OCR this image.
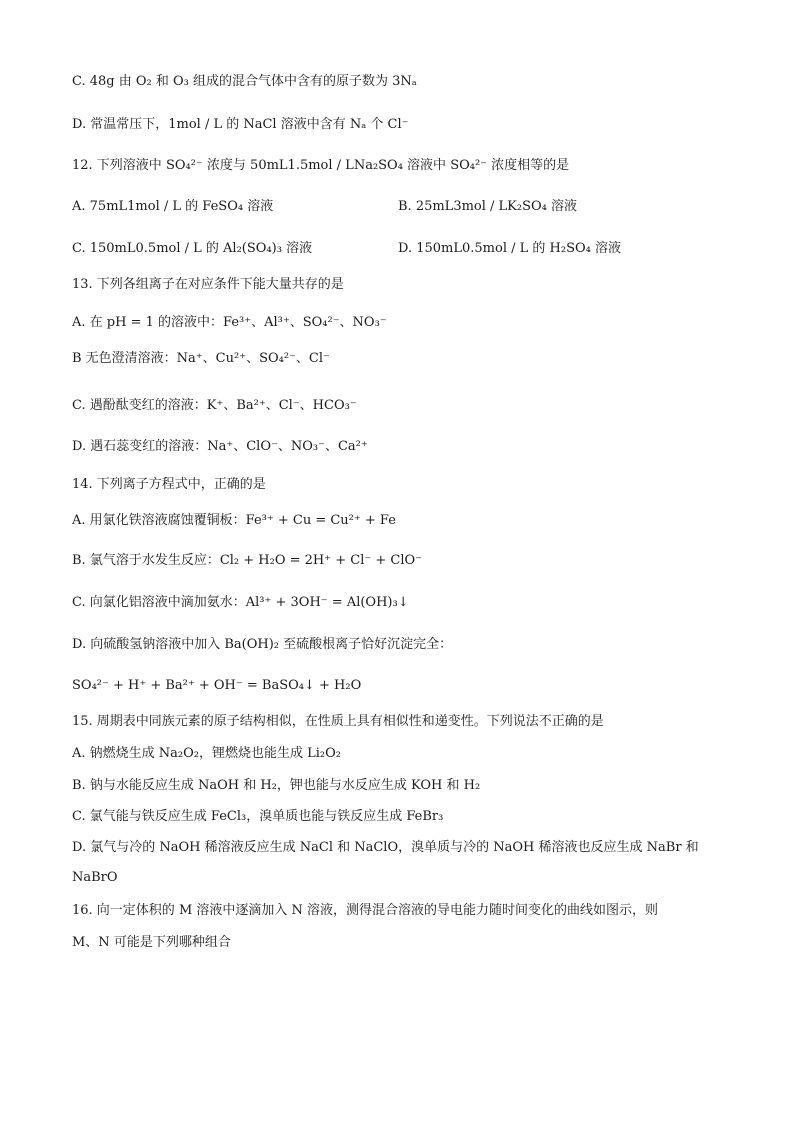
C. 48g 由 O₂ 和 O₃ 组成的混合气体中含有的原子数为 3Nₐ
D. 常温常压下，1mol / L 的 NaCl 溶液中含有 Nₐ 个 Cl⁻
12. 下列溶液中 SO₄²⁻ 浓度与 50mL1.5mol / LNa₂SO₄ 溶液中 SO₄²⁻ 浓度相等的是
A. 75mL1mol / L 的 FeSO₄ 溶液	B. 25mL3mol / LK₂SO₄ 溶液
C. 150mL0.5mol / L 的 Al₂(SO₄)₃ 溶液	D. 150mL0.5mol / L 的 H₂SO₄ 溶液
13. 下列各组离子在对应条件下能大量共存的是
A. 在 pH = 1 的溶液中：Fe³⁺、Al³⁺、SO₄²⁻、NO₃⁻
B 无色澄清溶液：Na⁺、Cu²⁺、SO₄²⁻、Cl⁻
C. 遇酚酞变红的溶液：K⁺、Ba²⁺、Cl⁻、HCO₃⁻
D. 遇石蕊变红的溶液：Na⁺、ClO⁻、NO₃⁻、Ca²⁺
14. 下列离子方程式中，正确的是
A. 用氯化铁溶液腐蚀覆铜板：Fe³⁺ + Cu = Cu²⁺ + Fe
B. 氯气溶于水发生反应：Cl₂ + H₂O = 2H⁺ + Cl⁻ + ClO⁻
C. 向氯化铝溶液中滴加氨水：Al³⁺ + 3OH⁻ = Al(OH)₃↓
D. 向硫酸氢钠溶液中加入 Ba(OH)₂ 至硫酸根离子恰好沉淀完全：
SO₄²⁻ + H⁺ + Ba²⁺ + OH⁻ = BaSO₄↓ + H₂O
15. 周期表中同族元素的原子结构相似，在性质上具有相似性和递变性。下列说法不正确的是
A. 钠燃烧生成 Na₂O₂，锂燃烧也能生成 Li₂O₂
B. 钠与水能反应生成 NaOH 和 H₂，钾也能与水反应生成 KOH 和 H₂
C. 氯气能与铁反应生成 FeCl₃，溴单质也能与铁反应生成 FeBr₃
D. 氯气与冷的 NaOH 稀溶液反应生成 NaCl 和 NaClO，溴单质与冷的 NaOH 稀溶液也反应生成 NaBr 和
NaBrO
16. 向一定体积的 M 溶液中逐滴加入 N 溶液，测得混合溶液的导电能力随时间变化的曲线如图示，则
M、N 可能是下列哪种组合
